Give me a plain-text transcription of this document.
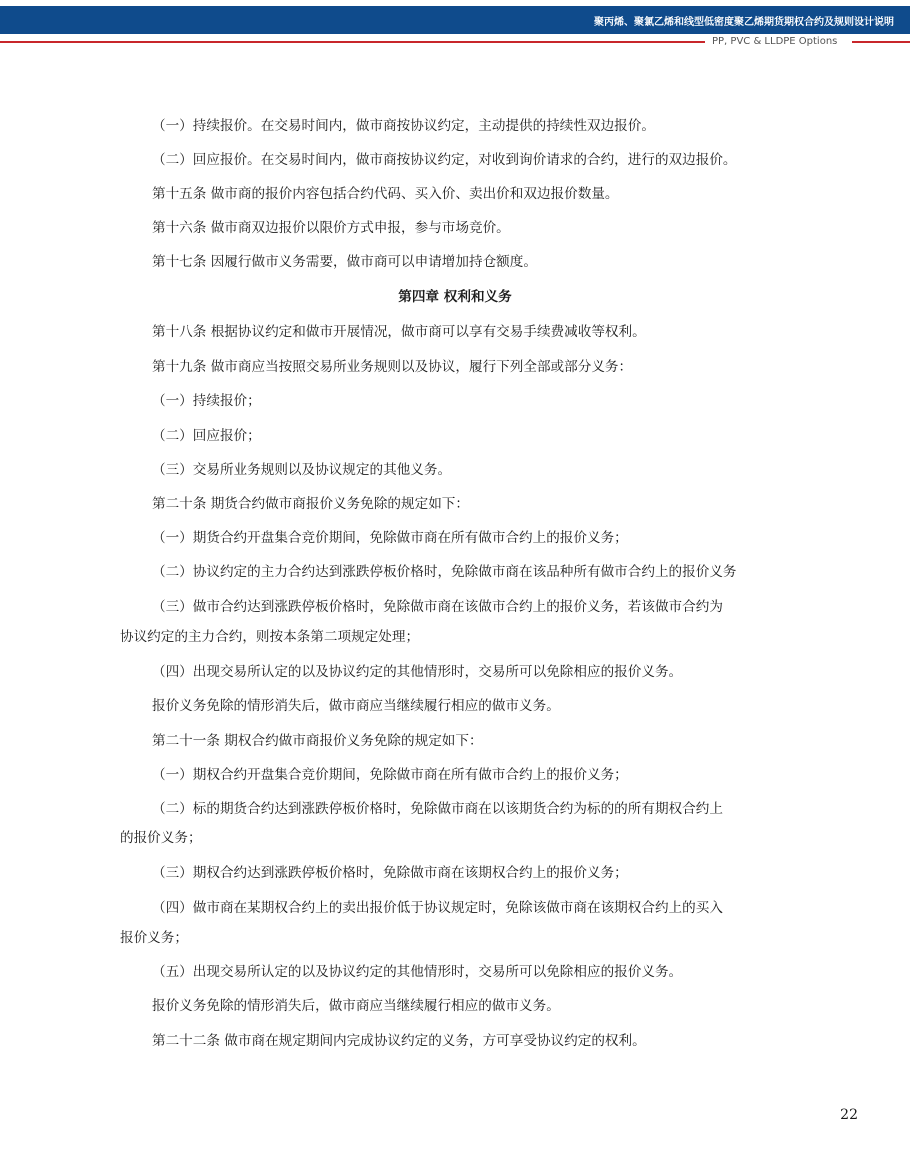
聚丙烯、聚氯乙烯和线型低密度聚乙烯期货期权合约及规则设计说明
PP, PVC & LLDPE Options
（一）持续报价。在交易时间内，做市商按协议约定，主动提供的持续性双边报价。
（二）回应报价。在交易时间内，做市商按协议约定，对收到询价请求的合约，进行的双边报价。
第十五条 做市商的报价内容包括合约代码、买入价、卖出价和双边报价数量。
第十六条 做市商双边报价以限价方式申报，参与市场竞价。
第十七条 因履行做市义务需要，做市商可以申请增加持仓额度。
第四章 权利和义务
第十八条 根据协议约定和做市开展情况，做市商可以享有交易手续费减收等权利。
第十九条 做市商应当按照交易所业务规则以及协议，履行下列全部或部分义务：
（一）持续报价；
（二）回应报价；
（三）交易所业务规则以及协议规定的其他义务。
第二十条 期货合约做市商报价义务免除的规定如下：
（一）期货合约开盘集合竞价期间，免除做市商在所有做市合约上的报价义务；
（二）协议约定的主力合约达到涨跌停板价格时，免除做市商在该品种所有做市合约上的报价义务
（三）做市合约达到涨跌停板价格时，免除做市商在该做市合约上的报价义务，若该做市合约为
协议约定的主力合约，则按本条第二项规定处理；
（四）出现交易所认定的以及协议约定的其他情形时，交易所可以免除相应的报价义务。
报价义务免除的情形消失后，做市商应当继续履行相应的做市义务。
第二十一条 期权合约做市商报价义务免除的规定如下：
（一）期权合约开盘集合竞价期间，免除做市商在所有做市合约上的报价义务；
（二）标的期货合约达到涨跌停板价格时，免除做市商在以该期货合约为标的的所有期权合约上
的报价义务；
（三）期权合约达到涨跌停板价格时，免除做市商在该期权合约上的报价义务；
（四）做市商在某期权合约上的卖出报价低于协议规定时，免除该做市商在该期权合约上的买入
报价义务；
（五）出现交易所认定的以及协议约定的其他情形时，交易所可以免除相应的报价义务。
报价义务免除的情形消失后，做市商应当继续履行相应的做市义务。
第二十二条 做市商在规定期间内完成协议约定的义务，方可享受协议约定的权利。
22
